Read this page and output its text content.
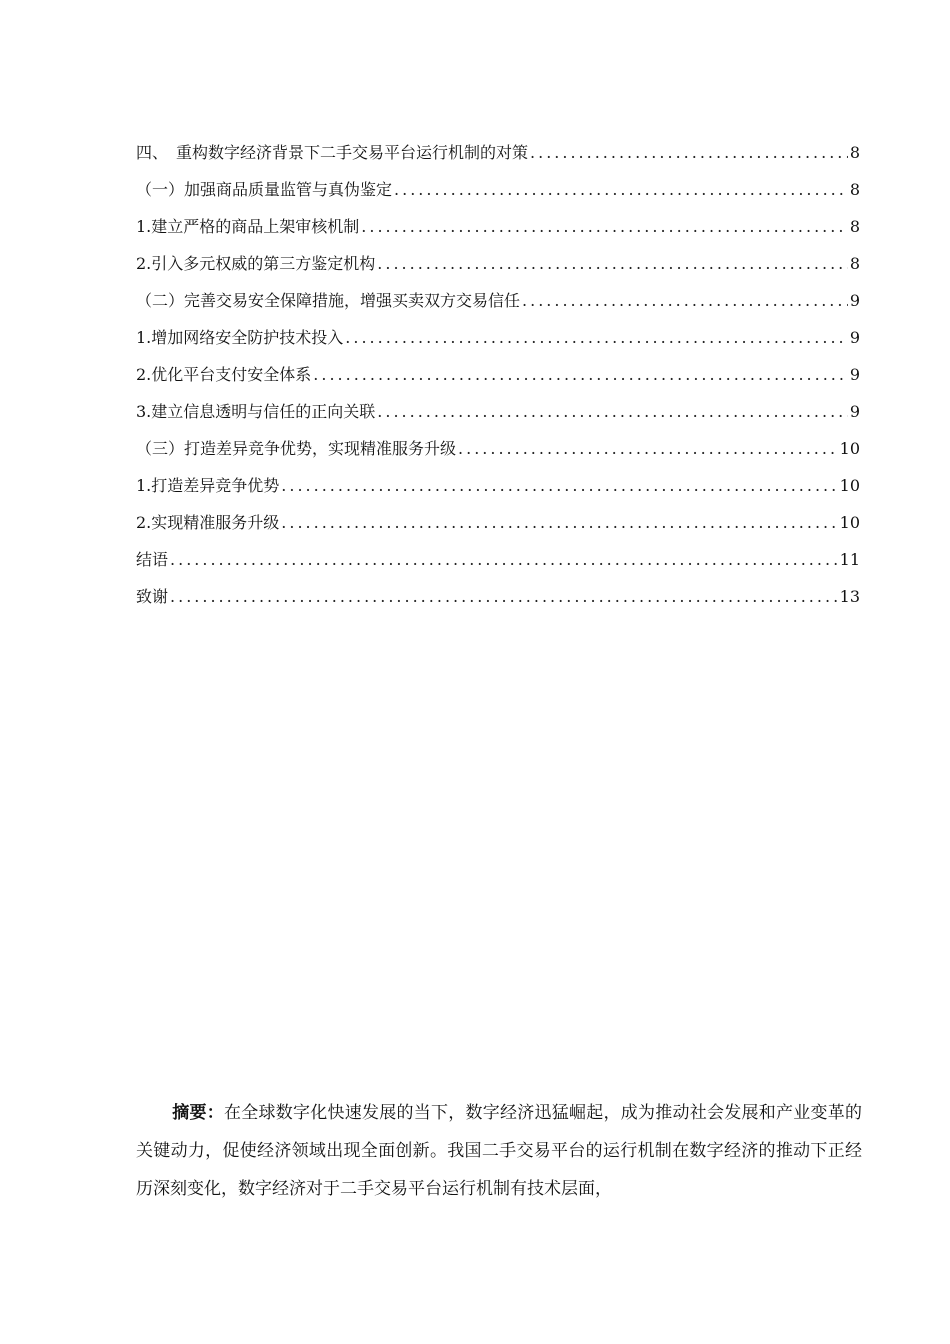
四、　重构数字经济背景下二手交易平台运行机制的对策 .....	8
（一）加强商品质量监管与真伪鉴定 .....	8
1.建立严格的商品上架审核机制 .....	8
2.引入多元权威的第三方鉴定机构 .....	8
（二）完善交易安全保障措施，增强买卖双方交易信任 .....	9
1.增加网络安全防护技术投入 .....	9
2.优化平台支付安全体系 .....	9
3.建立信息透明与信任的正向关联 .....	9
（三）打造差异竞争优势，实现精准服务升级 .....	10
1.打造差异竞争优势 .....	10
2.实现精准服务升级 .....	10
结语 .....	11
致谢 .....	13
摘要：在全球数字化快速发展的当下，数字经济迅猛崛起，成为推动社会发展和产业变革的关键动力，促使经济领域出现全面创新。我国二手交易平台的运行机制在数字经济的推动下正经历深刻变化，数字经济对于二手交易平台运行机制有技术层面，
